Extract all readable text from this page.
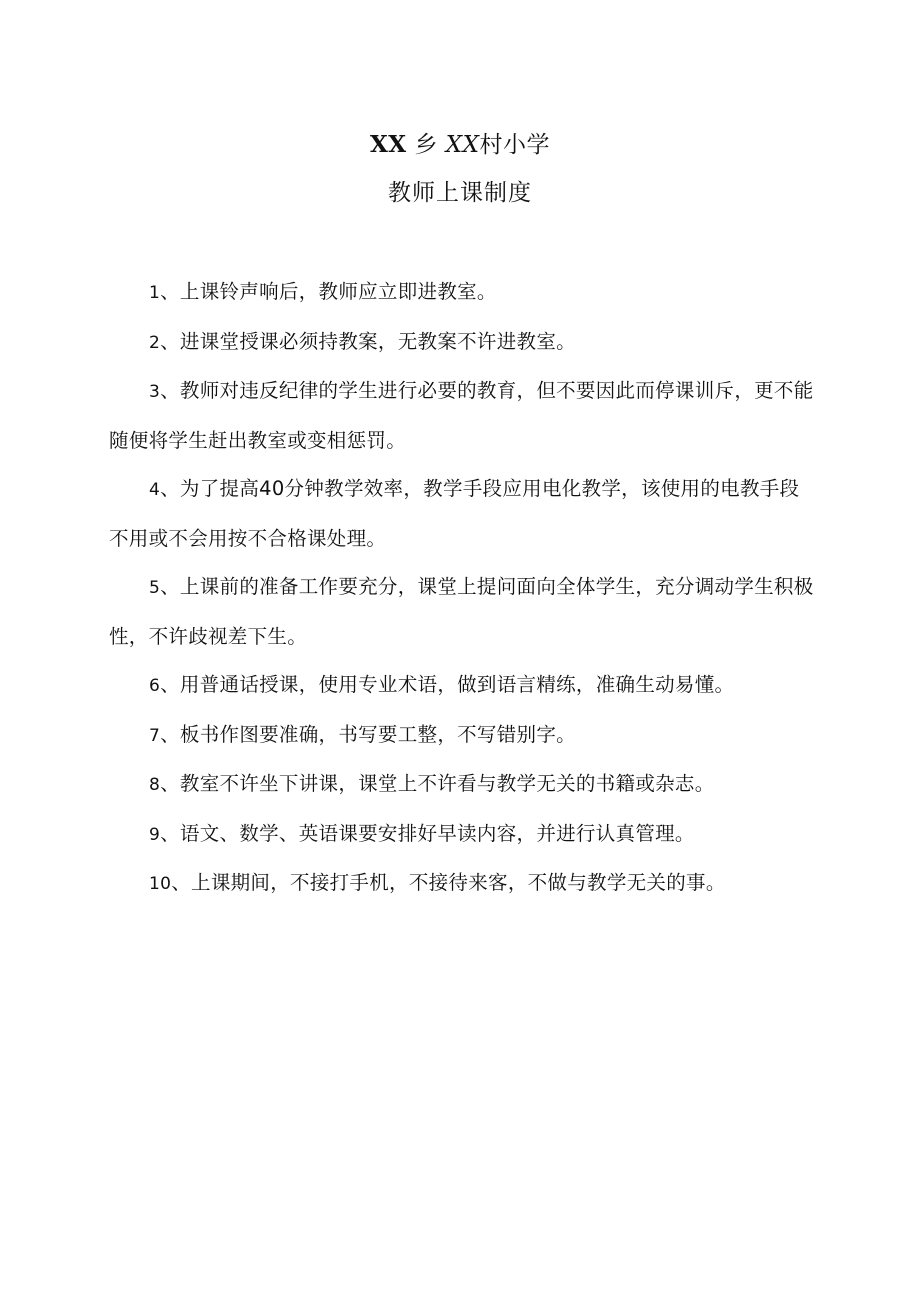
XX 乡 XX村小学
教师上课制度
1、上课铃声响后，教师应立即进教室。
2、进课堂授课必须持教案，无教案不许进教室。
3、教师对违反纪律的学生进行必要的教育，但不要因此而停课训斥，更不能随便将学生赶出教室或变相惩罚。
4、为了提高40分钟教学效率，教学手段应用电化教学，该使用的电教手段不用或不会用按不合格课处理。
5、上课前的准备工作要充分，课堂上提问面向全体学生，充分调动学生积极性，不许歧视差下生。
6、用普通话授课，使用专业术语，做到语言精练，准确生动易懂。
7、板书作图要准确，书写要工整，不写错别字。
8、教室不许坐下讲课，课堂上不许看与教学无关的书籍或杂志。
9、语文、数学、英语课要安排好早读内容，并进行认真管理。
10、上课期间，不接打手机，不接待来客，不做与教学无关的事。
